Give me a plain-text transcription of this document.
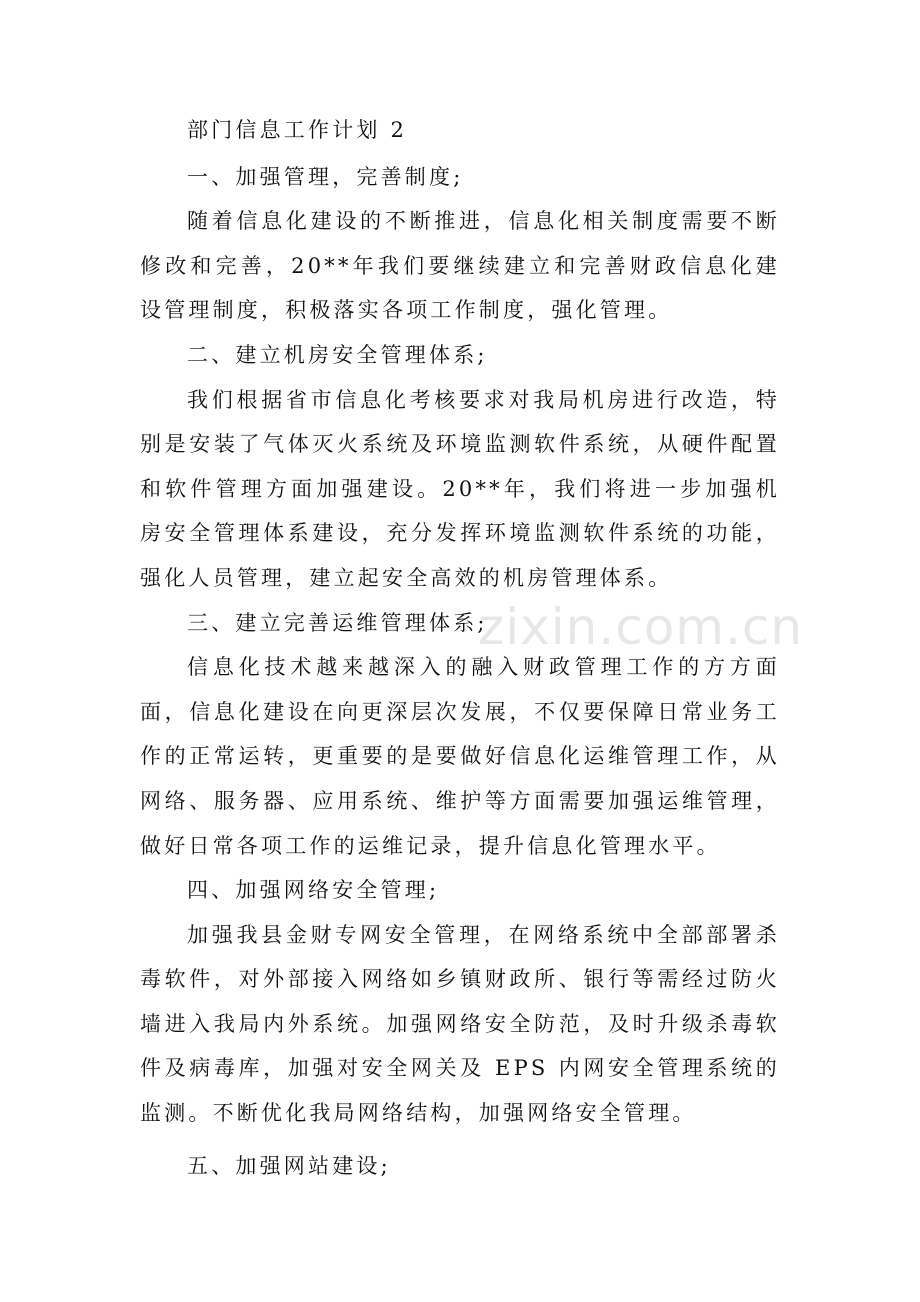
部门信息工作计划 2

一、加强管理，完善制度;

随着信息化建设的不断推进，信息化相关制度需要不断修改和完善，20**年我们要继续建立和完善财政信息化建设管理制度，积极落实各项工作制度，强化管理。

二、建立机房安全管理体系;

我们根据省市信息化考核要求对我局机房进行改造，特别是安装了气体灭火系统及环境监测软件系统，从硬件配置和软件管理方面加强建设。20**年，我们将进一步加强机房安全管理体系建设，充分发挥环境监测软件系统的功能，强化人员管理，建立起安全高效的机房管理体系。

三、建立完善运维管理体系;

信息化技术越来越深入的融入财政管理工作的方方面面，信息化建设在向更深层次发展，不仅要保障日常业务工作的正常运转，更重要的是要做好信息化运维管理工作，从网络、服务器、应用系统、维护等方面需要加强运维管理，做好日常各项工作的运维记录，提升信息化管理水平。

四、加强网络安全管理;

加强我县金财专网安全管理，在网络系统中全部部署杀毒软件，对外部接入网络如乡镇财政所、银行等需经过防火墙进入我局内外系统。加强网络安全防范，及时升级杀毒软件及病毒库，加强对安全网关及 EPS 内网安全管理系统的监测。不断优化我局网络结构，加强网络安全管理。

五、加强网站建设;

zixin.com.cn
